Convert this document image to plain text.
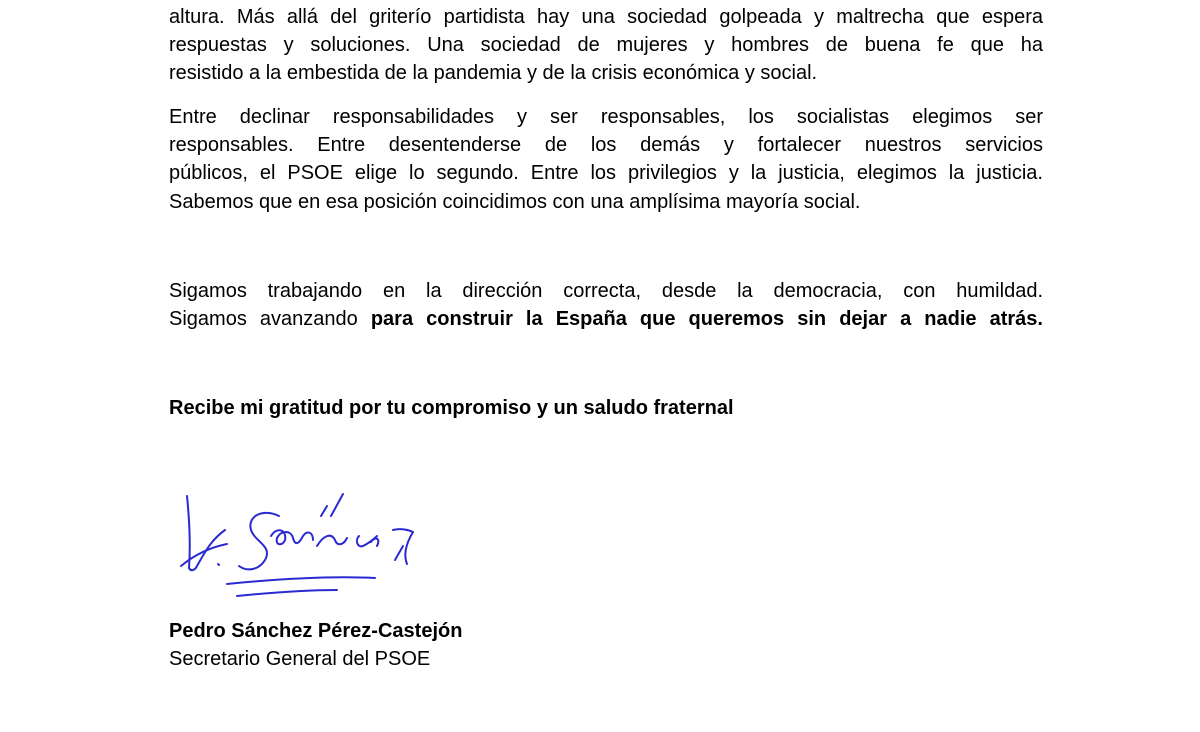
altura. Más allá del griterío partidista hay una sociedad golpeada y maltrecha que espera
respuestas y soluciones. Una sociedad de mujeres y hombres de buena fe que ha
resistido a la embestida de la pandemia y de la crisis económica y social.
Entre declinar responsabilidades y ser responsables, los socialistas elegimos ser
responsables. Entre desentenderse de los demás y fortalecer nuestros servicios
públicos, el PSOE elige lo segundo. Entre los privilegios y la justicia, elegimos la justicia.
Sabemos que en esa posición coincidimos con una amplísima mayoría social.
Sigamos trabajando en la dirección correcta, desde la democracia, con humildad.
Sigamos avanzando para construir la España que queremos sin dejar a nadie atrás.
Recibe mi gratitud por tu compromiso y un saludo fraternal
Pedro Sánchez Pérez-Castejón
Secretario General del PSOE
